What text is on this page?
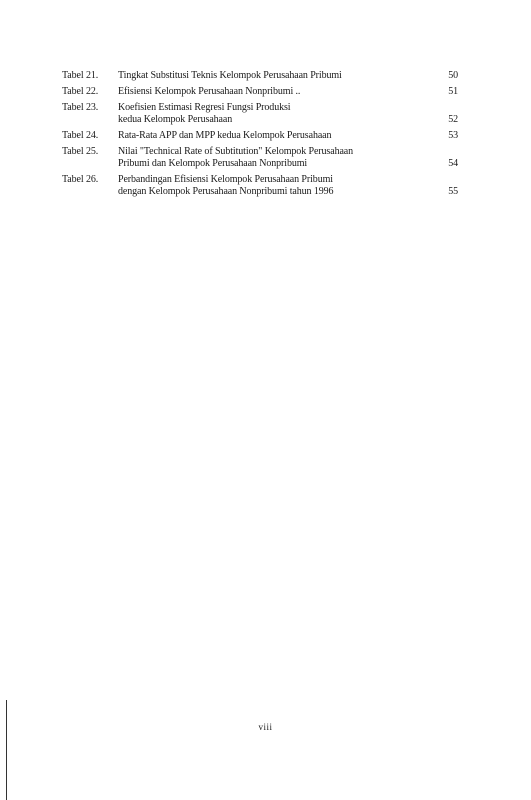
Tabel 21.	Tingkat Substitusi Teknis Kelompok Perusahaan Pribumi	50
Tabel 22.	Efisiensi Kelompok Perusahaan Nonpribumi ..	51
Tabel 23.	Koefisien Estimasi Regresi Fungsi Produksi
kedua Kelompok Perusahaan	52
Tabel 24.	Rata-Rata APP dan MPP kedua Kelompok Perusahaan	53
Tabel 25.	Nilai "Technical Rate of Subtitution" Kelompok Perusahaan
Pribumi dan Kelompok Perusahaan Nonpribumi	54
Tabel 26.	Perbandingan Efisiensi Kelompok Perusahaan Pribumi
dengan Kelompok Perusahaan Nonpribumi tahun 1996	55
viii
